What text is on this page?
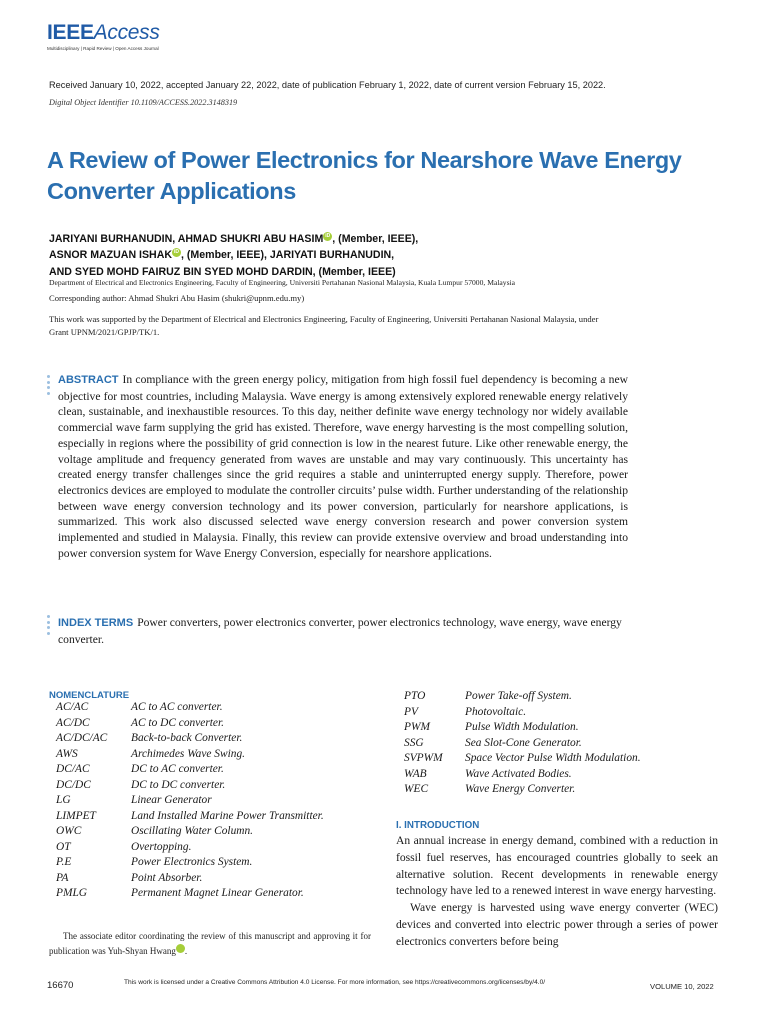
IEEEAccess
Multidisciplinary | Rapid Review | Open Access Journal
Received January 10, 2022, accepted January 22, 2022, date of publication February 1, 2022, date of current version February 15, 2022.
Digital Object Identifier 10.1109/ACCESS.2022.3148319
A Review of Power Electronics for Nearshore Wave Energy Converter Applications
JARIYANI BURHANUDIN, AHMAD SHUKRI ABU HASIM iD , (Member, IEEE),
ASNOR MAZUAN ISHAK iD , (Member, IEEE), JARIYATI BURHANUDIN,
AND SYED MOHD FAIRUZ BIN SYED MOHD DARDIN, (Member, IEEE)
Department of Electrical and Electronics Engineering, Faculty of Engineering, Universiti Pertahanan Nasional Malaysia, Kuala Lumpur 57000, Malaysia
Corresponding author: Ahmad Shukri Abu Hasim (shukri@upnm.edu.my)
This work was supported by the Department of Electrical and Electronics Engineering, Faculty of Engineering, Universiti Pertahanan Nasional Malaysia, under Grant UPNM/2021/GPJP/TK/1.

ABSTRACT In compliance with the green energy policy, mitigation from high fossil fuel dependency is becoming a new objective for most countries, including Malaysia. Wave energy is among extensively explored renewable energy relatively clean, sustainable, and inexhaustible resources. To this day, neither definite wave energy technology nor widely available commercial wave farm supplying the grid has existed. Therefore, wave energy harvesting is the most compelling solution, especially in regions where the possibility of grid connection is low in the nearest future. Like other renewable energy, the voltage amplitude and frequency generated from waves are unstable and may vary continuously. This uncertainty has created energy transfer challenges since the grid requires a stable and uninterrupted energy supply. Therefore, power electronics devices are employed to modulate the controller circuits’ pulse width. Further understanding of the relationship between wave energy conversion technology and its power conversion, particularly for nearshore applications, is summarized. This work also discussed selected wave energy conversion research and power conversion system implemented and studied in Malaysia. Finally, this review can provide extensive overview and broad understanding into power conversion system for Wave Energy Conversion, especially for nearshore applications.

INDEX TERMS Power converters, power electronics converter, power electronics technology, wave energy, wave energy converter.

NOMENCLATURE
AC/AC	AC to AC converter.
AC/DC	AC to DC converter.
AC/DC/AC	Back-to-back Converter.
AWS	Archimedes Wave Swing.
DC/AC	DC to AC converter.
DC/DC	DC to DC converter.
LG	Linear Generator
LIMPET	Land Installed Marine Power Transmitter.
OWC	Oscillating Water Column.
OT	Overtopping.
P.E	Power Electronics System.
PA	Point Absorber.
PMLG	Permanent Magnet Linear Generator.
PTO	Power Take-off System.
PV	Photovoltaic.
PWM	Pulse Width Modulation.
SSG	Sea Slot-Cone Generator.
SVPWM	Space Vector Pulse Width Modulation.
WAB	Wave Activated Bodies.
WEC	Wave Energy Converter.

The associate editor coordinating the review of this manuscript and approving it for publication was Yuh-Shyan Hwang	iD.

I. INTRODUCTION

An annual increase in energy demand, combined with a reduction in fossil fuel reserves, has encouraged countries globally to seek an alternative solution. Recent developments in renewable energy technology have led to a renewed interest in wave energy harvesting.

Wave energy is harvested using wave energy converter (WEC) devices and converted into electric power through a series of power electronics converters before being

16670	This work is licensed under a Creative Commons Attribution 4.0 License. For more information, see https://creativecommons.org/licenses/by/4.0/	VOLUME 10, 2022
